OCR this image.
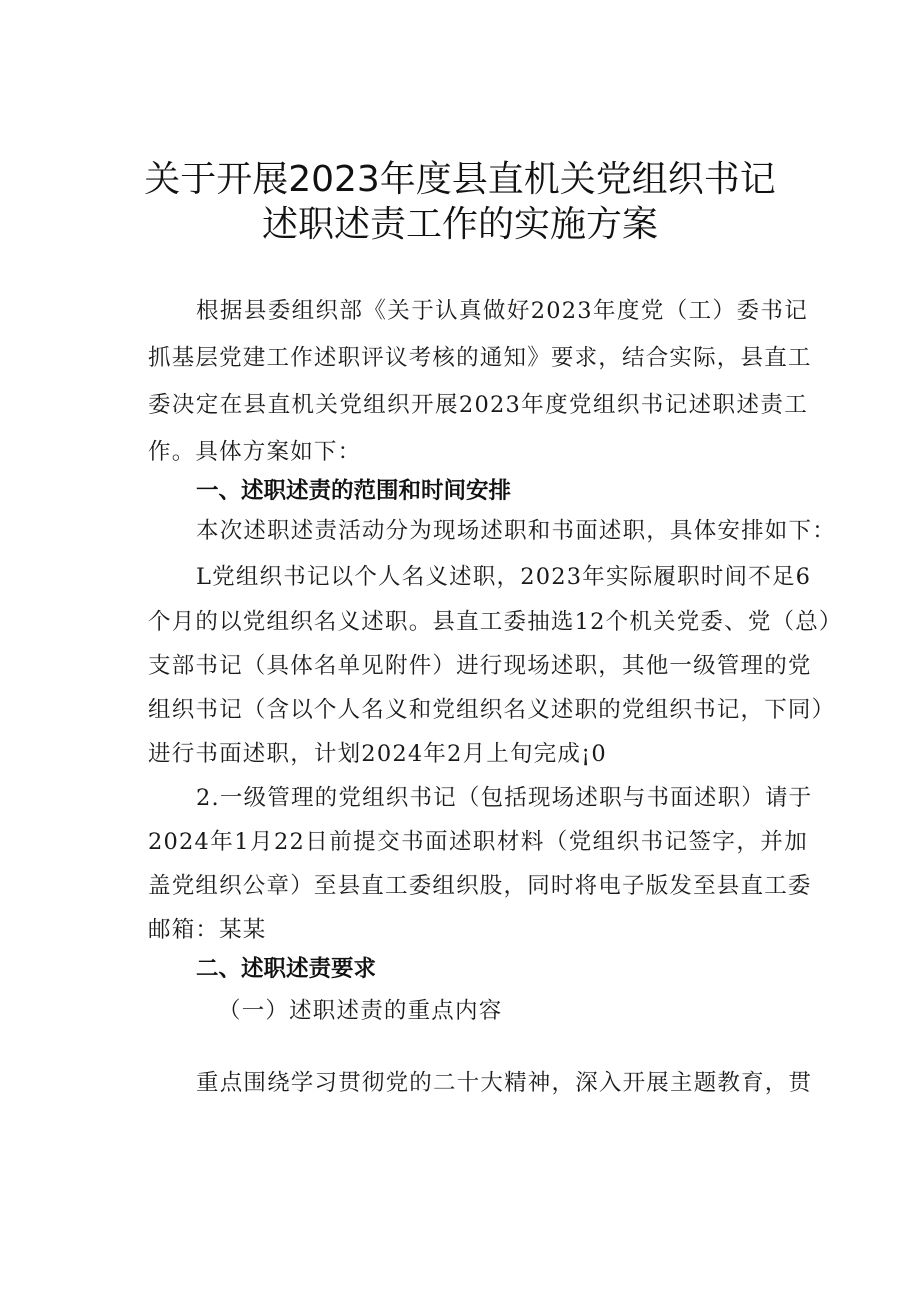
关于开展2023年度县直机关党组织书记
述职述责工作的实施方案
根据县委组织部《关于认真做好2023年度党（工）委书记
抓基层党建工作述职评议考核的通知》要求，结合实际，县直工
委决定在县直机关党组织开展2023年度党组织书记述职述责工
作。具体方案如下：
一、述职述责的范围和时间安排
本次述职述责活动分为现场述职和书面述职，具体安排如下：
L党组织书记以个人名义述职，2023年实际履职时间不足6
个月的以党组织名义述职。县直工委抽选12个机关党委、党（总）
支部书记（具体名单见附件）进行现场述职，其他一级管理的党
组织书记（含以个人名义和党组织名义述职的党组织书记，下同）
进行书面述职，计划2024年2月上旬完成¡0
2.一级管理的党组织书记（包括现场述职与书面述职）请于
2024年1月22日前提交书面述职材料（党组织书记签字，并加
盖党组织公章）至县直工委组织股，同时将电子版发至县直工委
邮箱：某某
二、述职述责要求
（一）述职述责的重点内容
重点围绕学习贯彻党的二十大精神，深入开展主题教育，贯
